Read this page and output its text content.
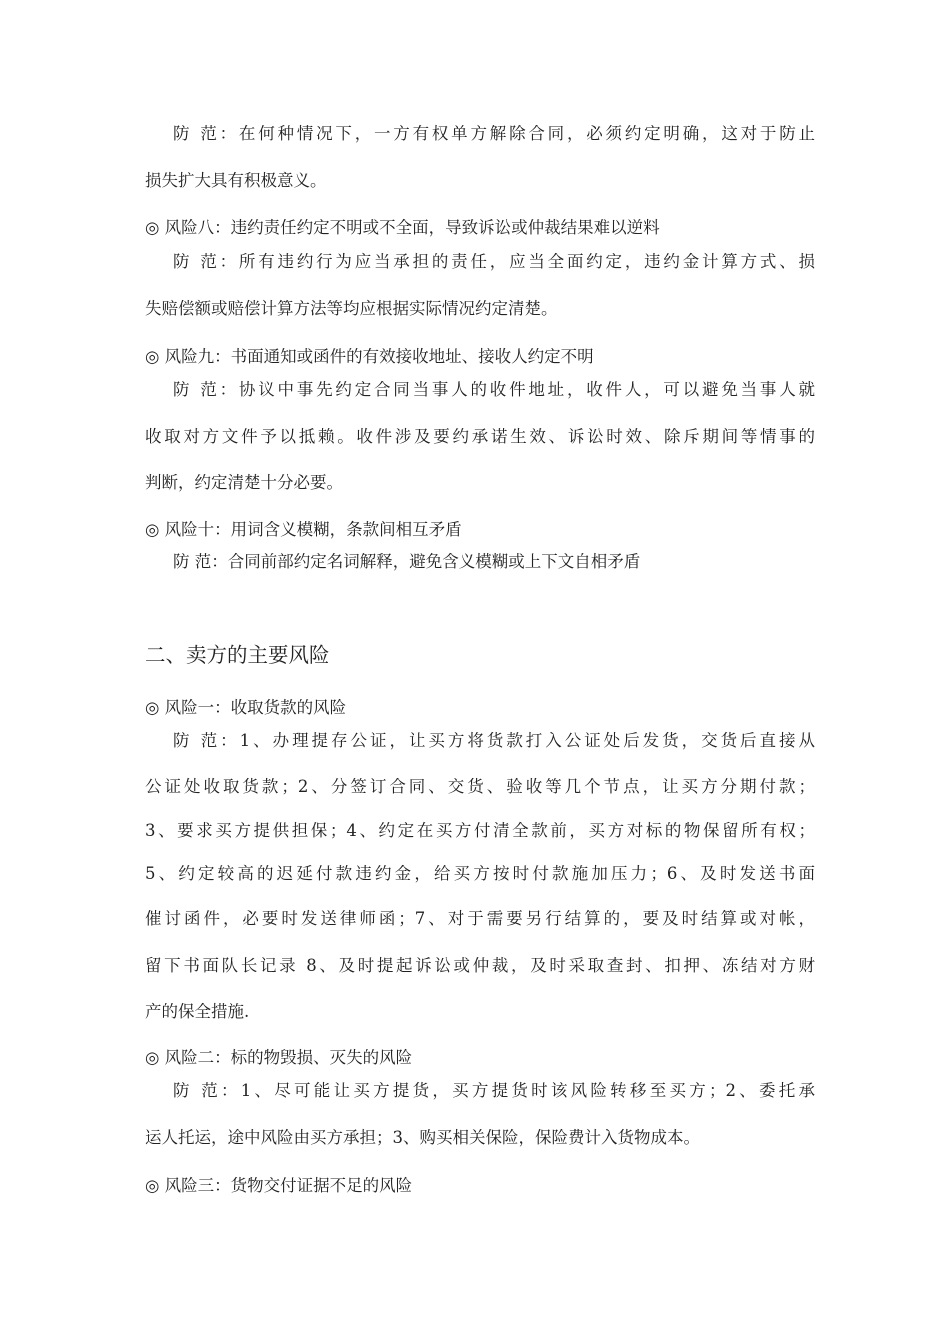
防 范：在何种情况下，一方有权单方解除合同，必须约定明确，这对于防止
损失扩大具有积极意义。
◎ 风险八：违约责任约定不明或不全面，导致诉讼或仲裁结果难以逆料
防 范：所有违约行为应当承担的责任，应当全面约定，违约金计算方式、损
失赔偿额或赔偿计算方法等均应根据实际情况约定清楚。
◎ 风险九：书面通知或函件的有效接收地址、接收人约定不明
防 范：协议中事先约定合同当事人的收件地址，收件人，可以避免当事人就
收取对方文件予以抵赖。收件涉及要约承诺生效、诉讼时效、除斥期间等情事的
判断，约定清楚十分必要。
◎ 风险十：用词含义模糊，条款间相互矛盾
防 范：合同前部约定名词解释，避免含义模糊或上下文自相矛盾
二、卖方的主要风险
◎ 风险一：收取货款的风险
防 范：1、办理提存公证，让买方将货款打入公证处后发货，交货后直接从
公证处收取货款；2、分签订合同、交货、验收等几个节点，让买方分期付款；
3、要求买方提供担保；4、约定在买方付清全款前，买方对标的物保留所有权；
5、约定较高的迟延付款违约金，给买方按时付款施加压力；6、及时发送书面
催讨函件，必要时发送律师函；7、对于需要另行结算的，要及时结算或对帐，
留下书面队长记录 8、及时提起诉讼或仲裁，及时采取查封、扣押、冻结对方财
产的保全措施.
◎ 风险二：标的物毁损、灭失的风险
防 范：1、尽可能让买方提货，买方提货时该风险转移至买方；2、委托承
运人托运，途中风险由买方承担；3、购买相关保险，保险费计入货物成本。
◎ 风险三：货物交付证据不足的风险
